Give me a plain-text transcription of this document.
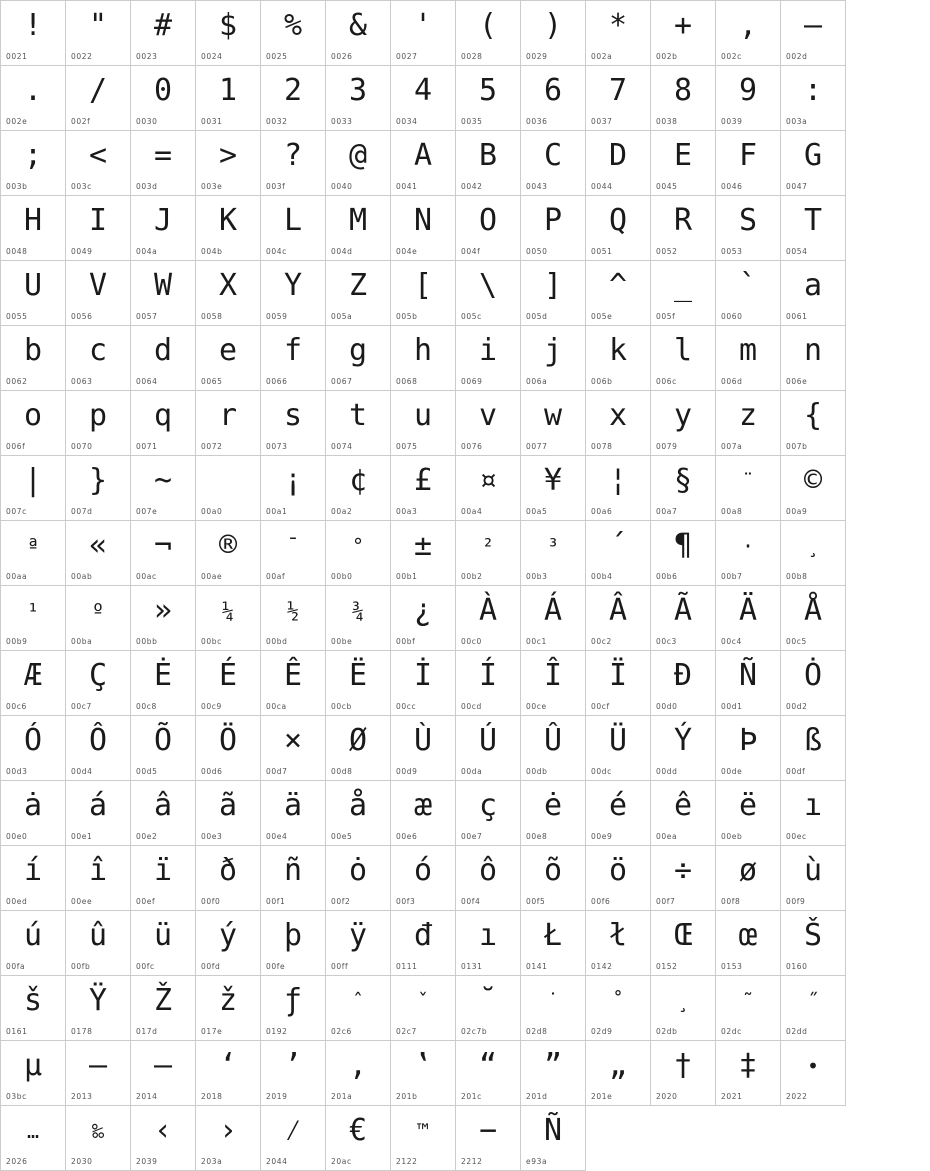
!
0021
"
0022
#
0023
$
0024
%
0025
&
0026
'
0027
(
0028
)
0029
*
002a
+
002b
,
002c
–
002d
.
002e
/
002f
0
0030
1
0031
2
0032
3
0033
4
0034
5
0035
6
0036
7
0037
8
0038
9
0039
:
003a
;
003b
<
003c
=
003d
>
003e
?
003f
@
0040
A
0041
B
0042
C
0043
D
0044
E
0045
F
0046
G
0047
H
0048
I
0049
J
004a
K
004b
L
004c
M
004d
N
004e
O
004f
P
0050
Q
0051
R
0052
S
0053
T
0054
U
0055
V
0056
W
0057
X
0058
Y
0059
Z
005a
[
005b
\
005c
]
005d
^
005e
_
005f
`
0060
a
0061
b
0062
c
0063
d
0064
e
0065
f
0066
g
0067
h
0068
i
0069
j
006a
k
006b
l
006c
m
006d
n
006e
o
006f
p
0070
q
0071
r
0072
s
0073
t
0074
u
0075
v
0076
w
0077
x
0078
y
0079
z
007a
{
007b
|
007c
}
007d
~
007e	00a0
¡
00a1
¢
00a2
£
00a3
¤
00a4
¥
00a5
¦
00a6
§
00a7
¨
00a8
©
00a9
ª
00aa
«
00ab
¬
00ac
®
00ae
¯
00af
°
00b0
±
00b1
²
00b2
³
00b3
´
00b4
¶
00b6
·
00b7
¸
00b8
¹
00b9
º
00ba
»
00bb
¼
00bc
½
00bd
¾
00be
¿
00bf
À
00c0
Á
00c1
Â
00c2
Ã
00c3
Ä
00c4
Å
00c5
Æ
00c6
Ç
00c7
Ė
00c8
É
00c9
Ê
00ca
Ë
00cb
İ
00cc
Í
00cd
Î
00ce
Ï
00cf
Ð
00d0
Ñ
00d1
Ȯ
00d2
Ó
00d3
Ô
00d4
Õ
00d5
Ö
00d6
×
00d7
Ø
00d8
Ù
00d9
Ú
00da
Û
00db
Ü
00dc
Ý
00dd
Þ
00de
ß
00df
ȧ
00e0
á
00e1
â
00e2
ã
00e3
ä
00e4
å
00e5
æ
00e6
ç
00e7
ė
00e8
é
00e9
ê
00ea
ë
00eb
ı
00ec
í
00ed
î
00ee
ï
00ef
ð
00f0
ñ
00f1
ȯ
00f2
ó
00f3
ô
00f4
õ
00f5
ö
00f6
÷
00f7
ø
00f8
ù
00f9
ú
00fa
û
00fb
ü
00fc
ý
00fd
þ
00fe
ÿ
00ff
đ
0111
ı
0131
Ł
0141
ł
0142
Œ
0152
œ
0153
Š
0160
š
0161
Ÿ
0178
Ž
017d
ž
017e
ƒ
0192
ˆ
02c6
ˇ
02c7
˘
02c7b
˙
02d8
˚
02d9
¸
02db
˜
02dc
˝
02dd
μ
03bc
–
2013
—
2014
‘
2018
’
2019
‚
201a
‛
201b
“
201c
”
201d
„
201e
†
2020
‡
2021
•
2022
…
2026
‰
2030
‹
2039
›
203a
⁄
2044
€
20ac
™
2122
−
2212
Ñ
e93a
